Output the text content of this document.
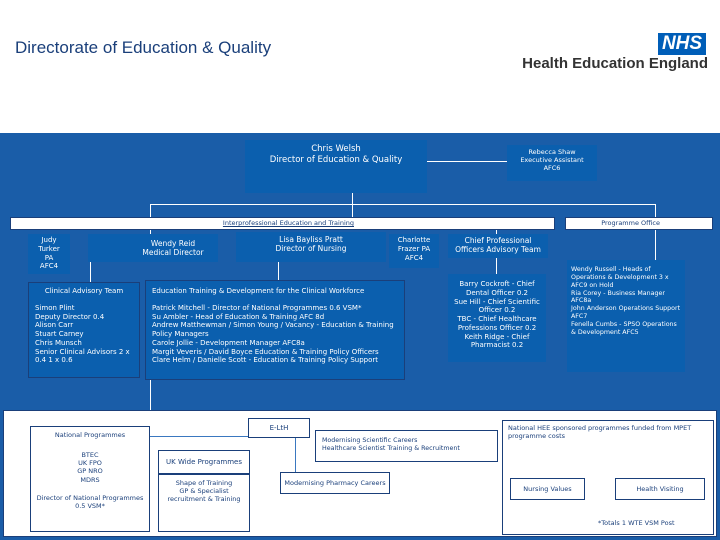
Directorate of Education & Quality	NHS
Health Education England
Chris Welsh
Director of Education & Quality
Rebecca Shaw
Executive Assistant
AFC6
Interprofessional Education and Training	Programme Office
Judy
Turker
PA
AFC4
Wendy Reid
Medical Director
Lisa Bayliss Pratt
Director of Nursing
Charlotte
Frazer PA
AFC4
Chief Professional
Officers Advisory Team
Clinical Advisory Team
Simon Plint
Deputy Director 0.4
Alison Carr
Stuart Carney
Chris Munsch
Senior Clinical Advisors 2 x 0.4 1 x 0.6
Education Training & Development for the Clinical Workforce
Patrick Mitchell - Director of National Programmes 0.6 VSM*
Su Ambler - Head of Education & Training AFC 8d
Andrew Matthewman / Simon Young / Vacancy - Education & Training Policy Managers
Carole Jollie - Development Manager AFC8a
Margit Veveris / David Boyce Education & Training Policy Officers
Clare Helm / Danielle Scott - Education & Training Policy Support
Barry Cockroft - Chief Dental Officer 0.2
Sue Hill - Chief Scientific Officer 0.2
TBC - Chief Healthcare Professions Officer 0.2
Keith Ridge - Chief Pharmacist 0.2
Wendy Russell - Heads of Operations & Development 3 x AFC9 on Hold
Ria Corey - Business Manager AFC8a
John Anderson Operations Support AFC7
Fenella Cumbs - SPSO Operations & Development AFC5
E-LtH
National Programmes
BTEC
UK FPO
GP NRO
MDRS
Director of National Programmes 0.5 VSM*
UK Wide Programmes
Shape of Training
GP & Specialist
recruitment & Training
Modernising Scientific Careers
Healthcare Scientist Training & Recruitment
Modernising Pharmacy Careers
National HEE sponsored programmes funded from MPET programme costs
Nursing Values	Health Visiting
*Totals 1 WTE VSM Post
